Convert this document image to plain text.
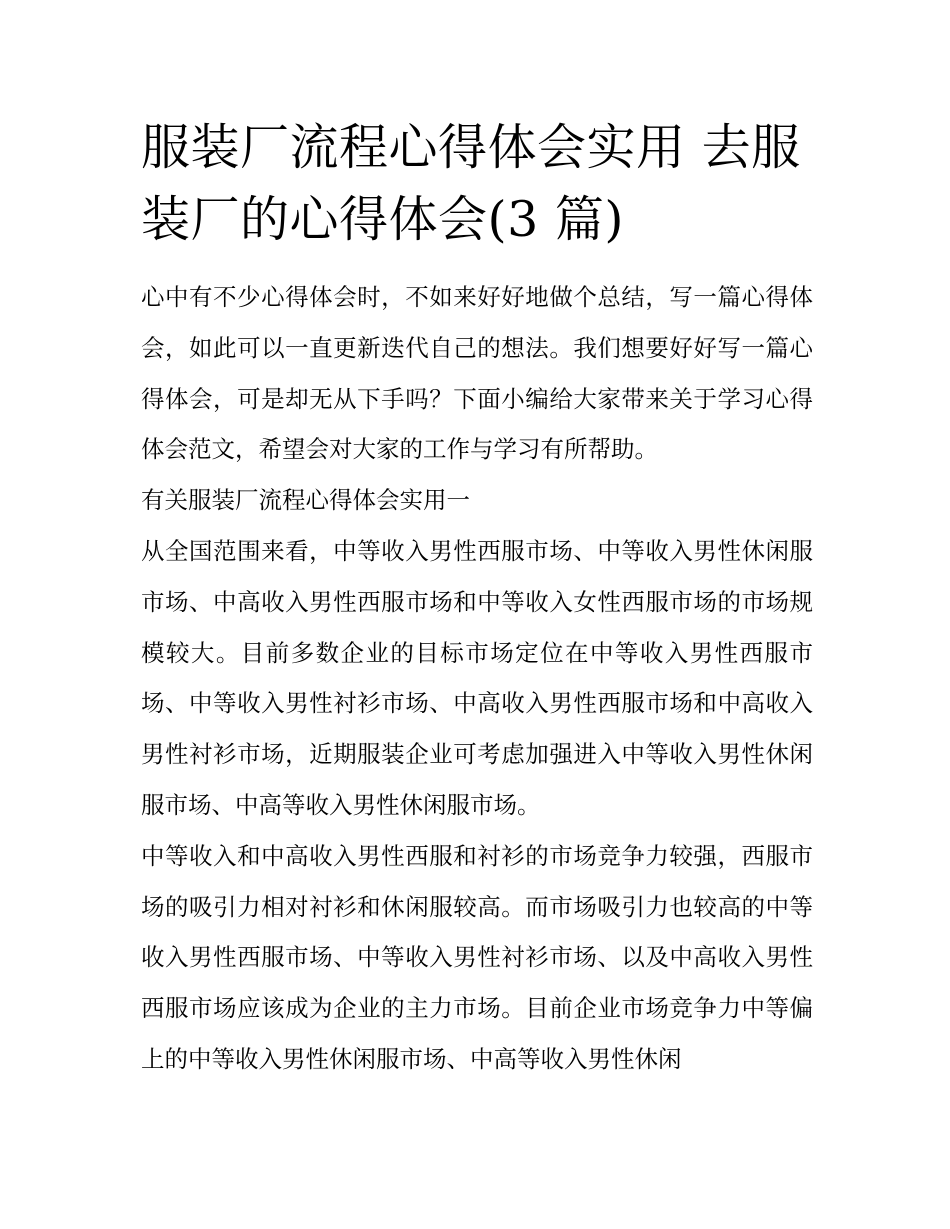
服装厂流程心得体会实用 去服装厂的心得体会(3 篇)

心中有不少心得体会时，不如来好好地做个总结，写一篇心得体会，如此可以一直更新迭代自己的想法。我们想要好好写一篇心得体会，可是却无从下手吗？下面小编给大家带来关于学习心得体会范文，希望会对大家的工作与学习有所帮助。

有关服装厂流程心得体会实用一

从全国范围来看，中等收入男性西服市场、中等收入男性休闲服市场、中高收入男性西服市场和中等收入女性西服市场的市场规模较大。目前多数企业的目标市场定位在中等收入男性西服市场、中等收入男性衬衫市场、中高收入男性西服市场和中高收入男性衬衫市场，近期服装企业可考虑加强进入中等收入男性休闲服市场、中高等收入男性休闲服市场。

中等收入和中高收入男性西服和衬衫的市场竞争力较强，西服市场的吸引力相对衬衫和休闲服较高。而市场吸引力也较高的中等收入男性西服市场、中等收入男性衬衫市场、以及中高收入男性西服市场应该成为企业的主力市场。目前企业市场竞争力中等偏上的中等收入男性休闲服市场、中高等收入男性休闲
